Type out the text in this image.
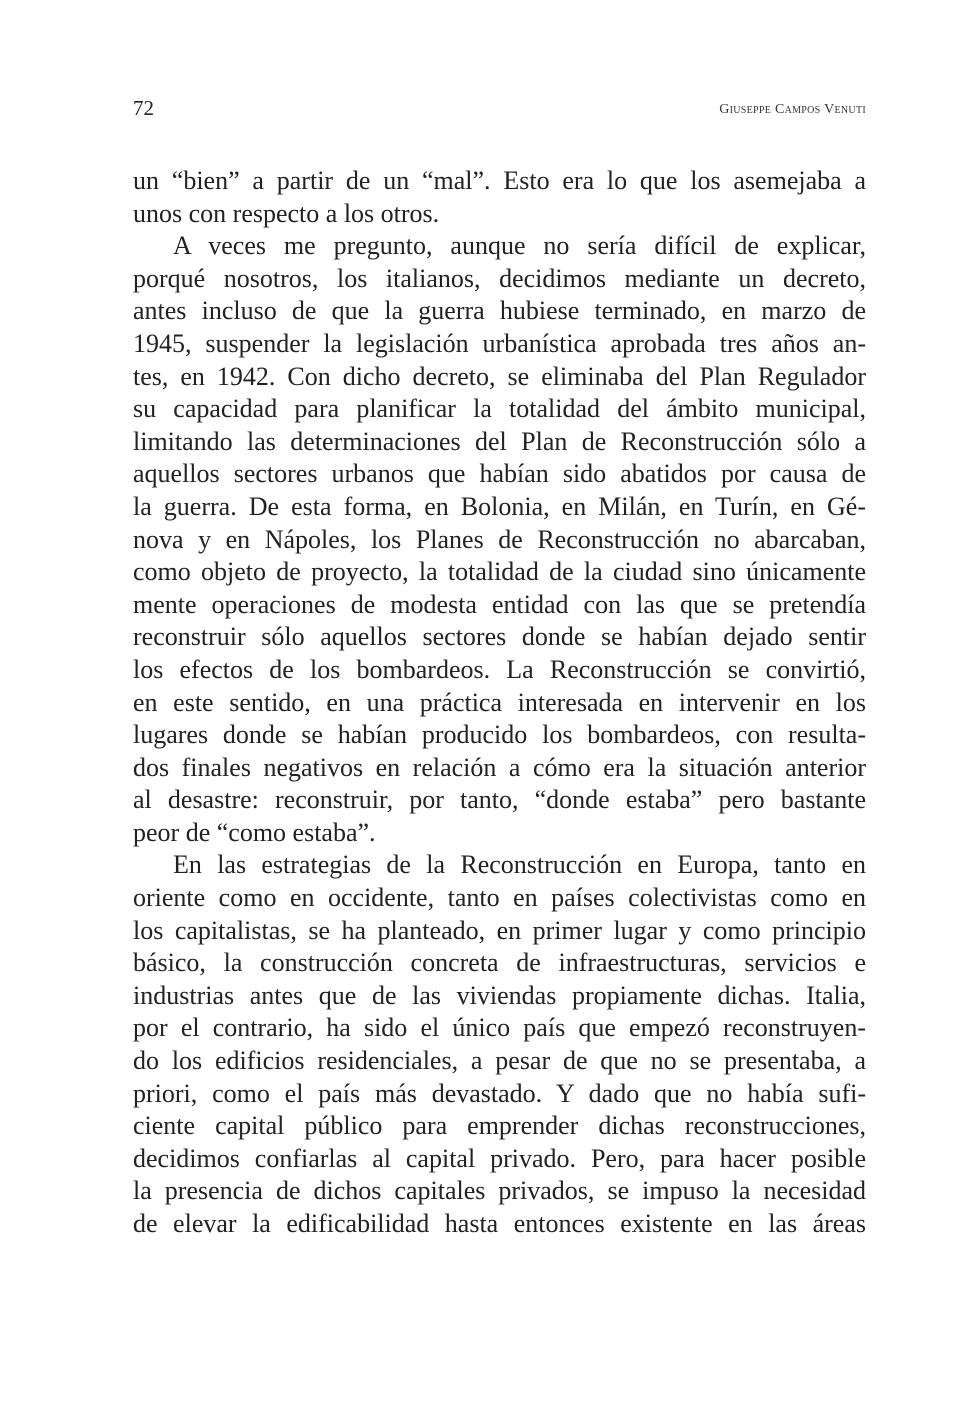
72	Giuseppe Campos Venuti
un “bien” a partir de un “mal”. Esto era lo que los asemejaba a
unos con respecto a los otros.
A veces me pregunto, aunque no sería difícil de explicar,
porqué nosotros, los italianos, decidimos mediante un decreto,
antes incluso de que la guerra hubiese terminado, en marzo de
1945, suspender la legislación urbanística aprobada tres años an-
tes, en 1942. Con dicho decreto, se eliminaba del Plan Regulador
su capacidad para planificar la totalidad del ámbito municipal,
limitando las determinaciones del Plan de Reconstrucción sólo a
aquellos sectores urbanos que habían sido abatidos por causa de
la guerra. De esta forma, en Bolonia, en Milán, en Turín, en Gé-
nova y en Nápoles, los Planes de Reconstrucción no abarcaban,
como objeto de proyecto, la totalidad de la ciudad sino únicamente
mente operaciones de modesta entidad con las que se pretendía
reconstruir sólo aquellos sectores donde se habían dejado sentir
los efectos de los bombardeos. La Reconstrucción se convirtió,
en este sentido, en una práctica interesada en intervenir en los
lugares donde se habían producido los bombardeos, con resulta-
dos finales negativos en relación a cómo era la situación anterior
al desastre: reconstruir, por tanto, “donde estaba” pero bastante
peor de “como estaba”.
En las estrategias de la Reconstrucción en Europa, tanto en
oriente como en occidente, tanto en países colectivistas como en
los capitalistas, se ha planteado, en primer lugar y como principio
básico, la construcción concreta de infraestructuras, servicios e
industrias antes que de las viviendas propiamente dichas. Italia,
por el contrario, ha sido el único país que empezó reconstruyen-
do los edificios residenciales, a pesar de que no se presentaba, a
priori, como el país más devastado. Y dado que no había sufi-
ciente capital público para emprender dichas reconstrucciones,
decidimos confiarlas al capital privado. Pero, para hacer posible
la presencia de dichos capitales privados, se impuso la necesidad
de elevar la edificabilidad hasta entonces existente en las áreas
